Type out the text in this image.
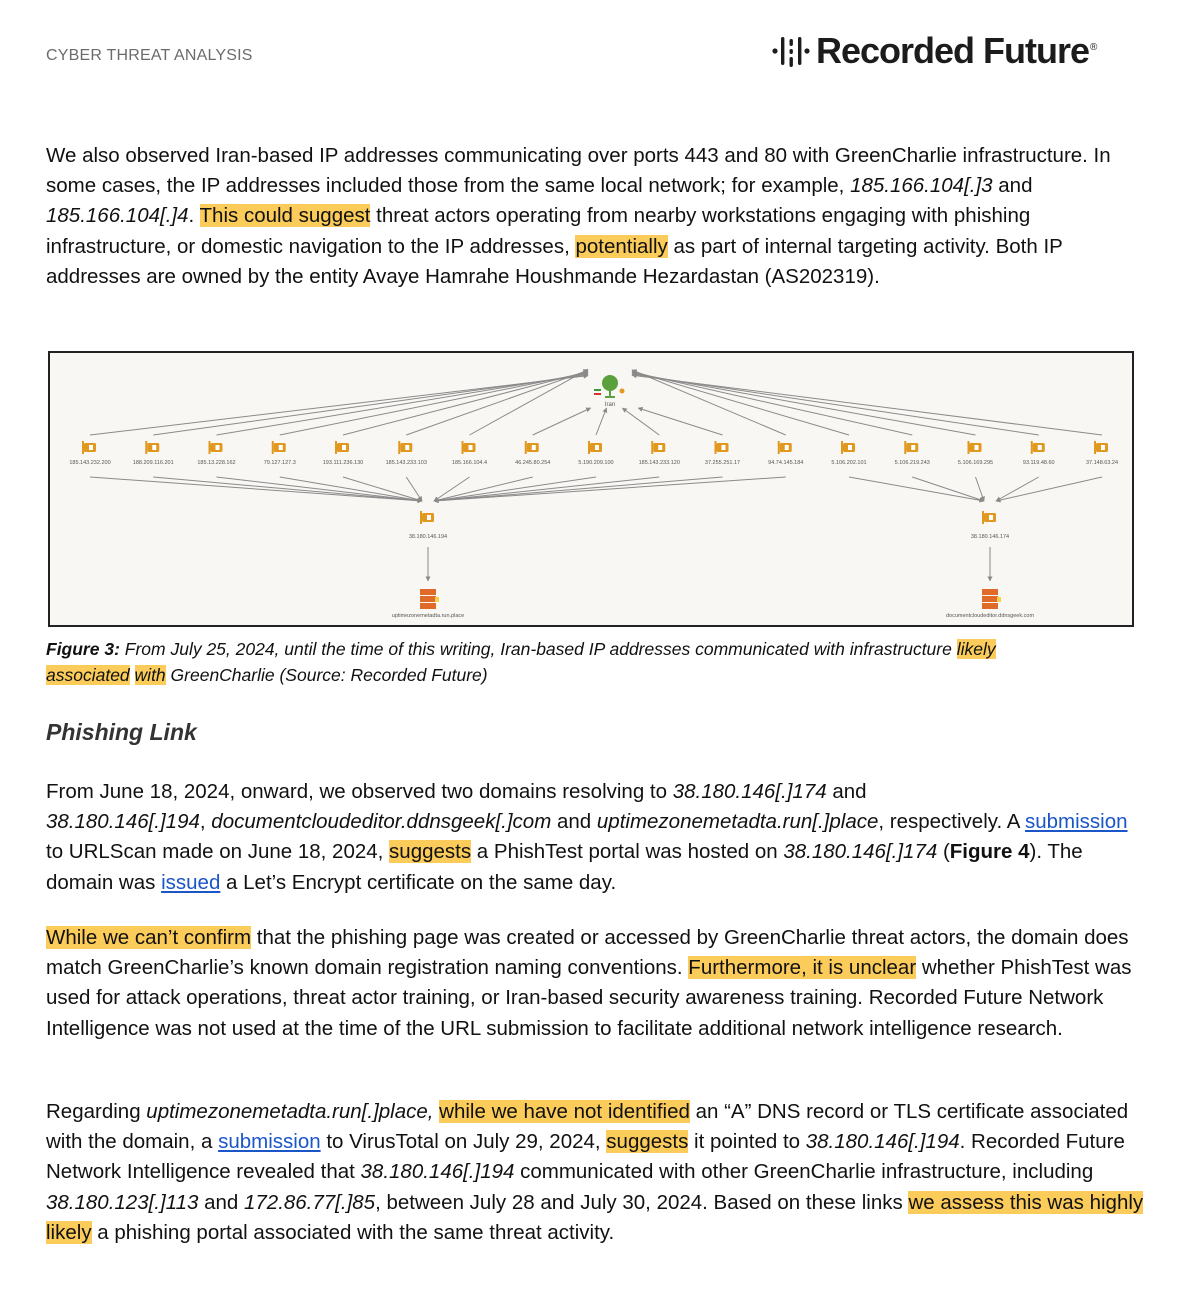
CYBER THREAT ANALYSIS	Recorded Future ®

We also observed Iran-based IP addresses communicating over ports 443 and 80 with GreenCharlie infrastructure. In some cases, the IP addresses included those from the same local network; for example, 185.166.104[.]3 and 185.166.104[.]4. This could suggest threat actors operating from nearby workstations engaging with phishing infrastructure, or domestic navigation to the IP addresses, potentially as part of internal targeting activity. Both IP addresses are owned by the entity Avaye Hamrahe Houshmande Hezardastan (AS202319).

185.143.232.200	188.209.116.201	185.13.228.162	79.127.127.3	193.111.236.130	185.143.233.103	185.166.104.4	46.245.80.254	5.190.209.100	185.143.233.120	37.255.251.17	94.74.145.184	5.106.202.101	5.106.219.243	5.106.169.295	93.119.48.60	37.148.63.24
Iran
38.180.146.194
uptimezonemetadta.run.place
38.180.146.174
documentcloudeditor.ddnsgeek.com

Figure 3: From July 25, 2024, until the time of this writing, Iran-based IP addresses communicated with infrastructure likely
associated with GreenCharlie (Source: Recorded Future)

Phishing Link

From June 18, 2024, onward, we observed two domains resolving to 38.180.146[.]174 and
38.180.146[.]194, documentcloudeditor.ddnsgeek[.]com and uptimezonemetadta.run[.]place, respectively. A submission to URLScan made on June 18, 2024, suggests a PhishTest portal was hosted on 38.180.146[.]174 (Figure 4). The domain was issued a Let’s Encrypt certificate on the same day.

While we can’t confirm that the phishing page was created or accessed by GreenCharlie threat actors, the domain does match GreenCharlie’s known domain registration naming conventions. Furthermore, it is unclear whether PhishTest was used for attack operations, threat actor training, or Iran-based security awareness training. Recorded Future Network Intelligence was not used at the time of the URL submission to facilitate additional network intelligence research.

Regarding uptimezonemetadta.run[.]place, while we have not identified an “A” DNS record or TLS certificate associated with the domain, a submission to VirusTotal on July 29, 2024, suggests it pointed to 38.180.146[.]194. Recorded Future Network Intelligence revealed that 38.180.146[.]194 communicated with other GreenCharlie infrastructure, including 38.180.123[.]113 and 172.86.77[.]85, between July 28 and July 30, 2024. Based on these links we assess this was highly likely a phishing portal associated with the same threat activity.
